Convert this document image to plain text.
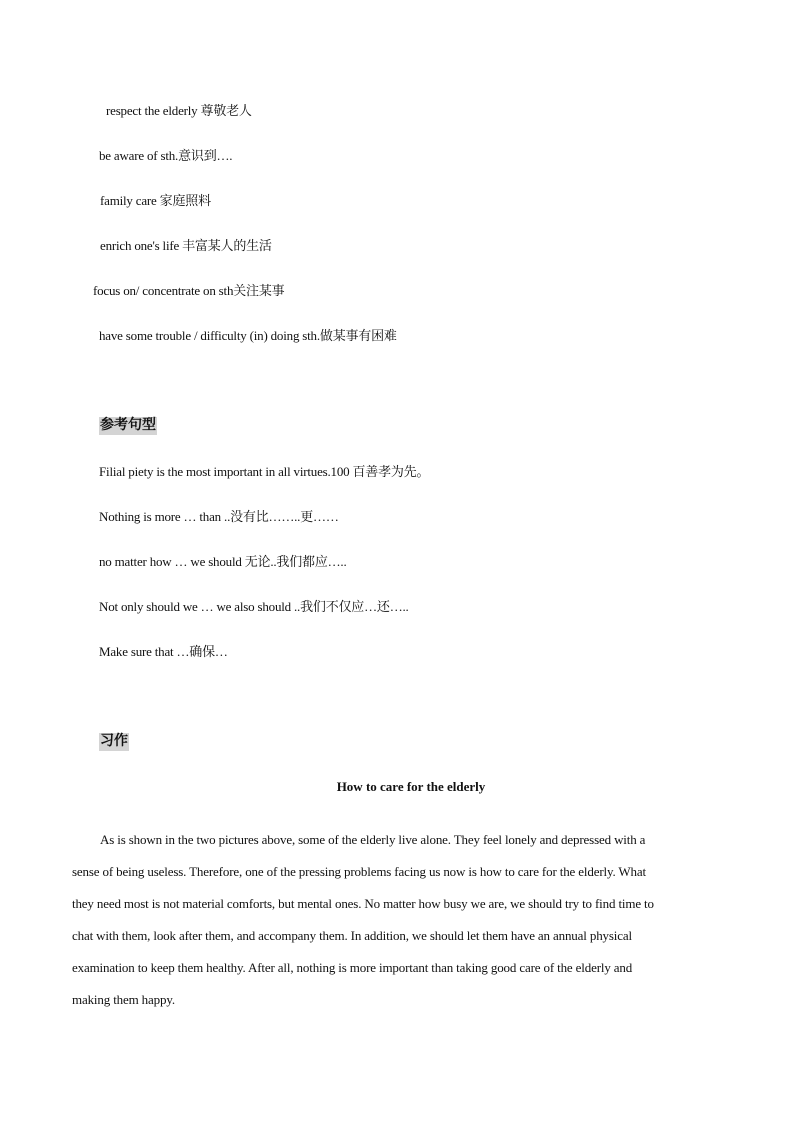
respect the elderly 尊敬老人
be aware of sth.意识到….
family care 家庭照料
enrich one's life 丰富某人的生活
focus on/ concentrate on sth关注某事
have some trouble / difficulty (in) doing sth.做某事有困难
参考句型
Filial piety is the most important in all virtues.100 百善孝为先。
Nothing is more … than ..没有比……..更……
no matter how … we should 无论..我们都应…..
Not only should we … we also should ..我们不仅应…还…..
Make sure that …确保…
习作
How to care for the elderly
As is shown in the two pictures above, some of the elderly live alone. They feel lonely and depressed with a
sense of being useless. Therefore, one of the pressing problems facing us now is how to care for the elderly. What
they need most is not material comforts, but mental ones. No matter how busy we are, we should try to find time to
chat with them, look after them, and accompany them. In addition, we should let them have an annual physical
examination to keep them healthy. After all, nothing is more important than taking good care of the elderly and
making them happy.
